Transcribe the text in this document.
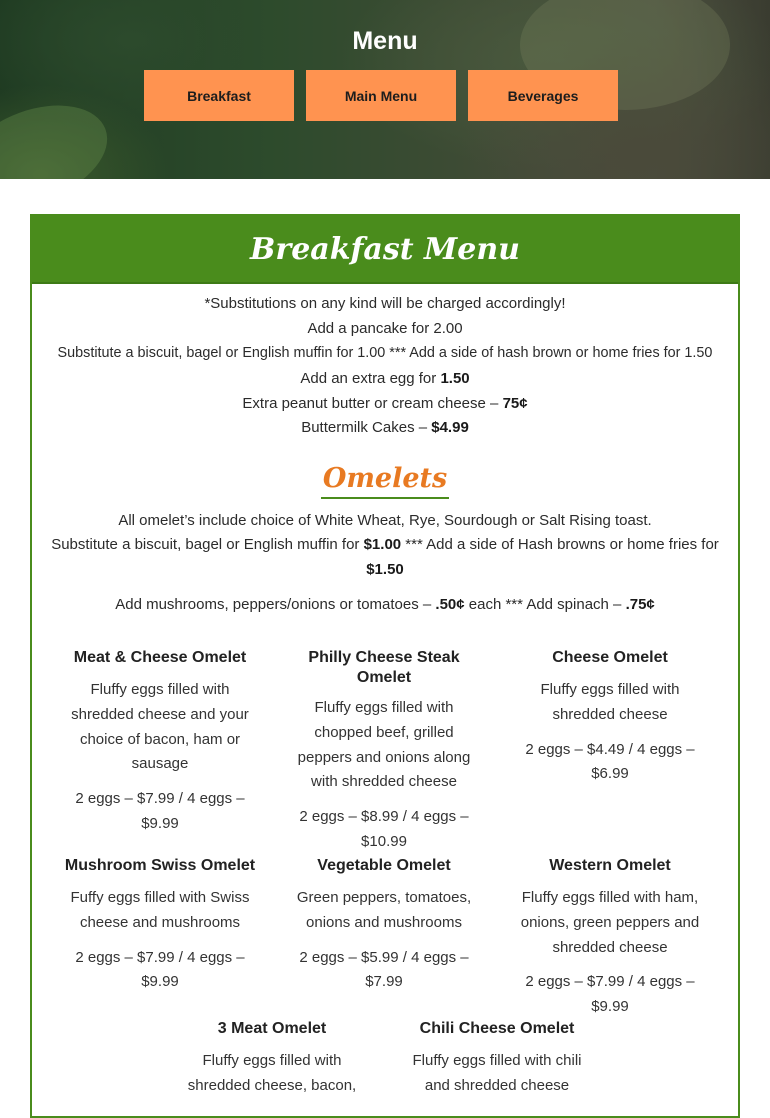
Menu
Breakfast	Main Menu	Beverages
Breakfast Menu
*Substitutions on any kind will be charged accordingly!
Add a pancake for 2.00
Substitute a biscuit, bagel or English muffin for 1.00 *** Add a side of hash brown or home fries for 1.50
Add an extra egg for 1.50
Extra peanut butter or cream cheese – 75¢
Buttermilk Cakes – $4.99
Omelets
All omelet’s include choice of White Wheat, Rye, Sourdough or Salt Rising toast.
Substitute a biscuit, bagel or English muffin for $1.00 *** Add a side of Hash browns or home fries for
$1.50
Add mushrooms, peppers/onions or tomatoes – .50¢ each *** Add spinach – .75¢
Meat & Cheese Omelet
Fluffy eggs filled with shredded cheese and your choice of bacon, ham or sausage
2 eggs – $7.99 / 4 eggs – $9.99
Philly Cheese Steak Omelet
Fluffy eggs filled with chopped beef, grilled peppers and onions along with shredded cheese
2 eggs – $8.99 / 4 eggs – $10.99
Cheese Omelet
Fluffy eggs filled with shredded cheese
2 eggs – $4.49 / 4 eggs – $6.99
Mushroom Swiss Omelet
Fuffy eggs filled with Swiss cheese and mushrooms
2 eggs – $7.99 / 4 eggs – $9.99
Vegetable Omelet
Green peppers, tomatoes, onions and mushrooms
2 eggs – $5.99 / 4 eggs – $7.99
Western Omelet
Fluffy eggs filled with ham, onions, green peppers and shredded cheese
2 eggs – $7.99 / 4 eggs – $9.99
3 Meat Omelet
Fluffy eggs filled with shredded cheese, bacon,
Chili Cheese Omelet
Fluffy eggs filled with chili and shredded cheese
